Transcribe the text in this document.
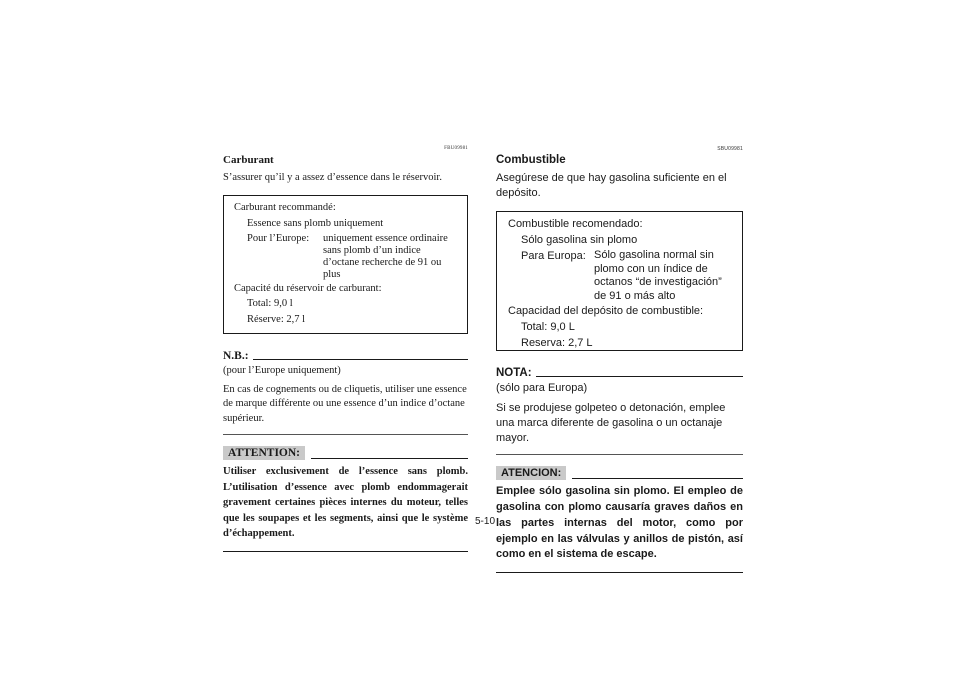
FBU09981
Carburant
S’assurer qu’il y a assez d’essence dans le réservoir.
Carburant recommandé:
Essence sans plomb uniquement
Pour l’Europe:	uniquement essence ordinaire sans plomb d’un indice d’octane recherche de 91 ou plus
Capacité du réservoir de carburant:
Total: 9,0 l
Réserve: 2,7 l
N.B.:
(pour l’Europe uniquement)
En cas de cognements ou de cliquetis, utiliser une essence de marque différente ou une essence d’un indice d’octane supérieur.
ATTENTION:
Utiliser exclusivement de l’essence sans plomb. L’utilisation d’essence avec plomb endommagerait gravement certaines pièces internes du moteur, telles que les soupapes et les segments, ainsi que le système d’échappement.
SBU09981
Combustible
Asegúrese de que hay gasolina suficiente en el depósito.
Combustible recomendado:
Sólo gasolina sin plomo
Para Europa: Sólo gasolina normal sin plomo con un índice de octanos “de investigación” de 91 o más alto
Capacidad del depósito de combustible:
Total: 9,0 L
Reserva: 2,7 L
NOTA:
(sólo para Europa)
Si se produjese golpeteo o detonación, emplee una marca diferente de gasolina o un octanaje mayor.
ATENCION:
Emplee sólo gasolina sin plomo. El empleo de gasolina con plomo causaría graves daños en las partes internas del motor, como por ejemplo en las válvulas y anillos de pistón, así como en el sistema de escape.
5-10
